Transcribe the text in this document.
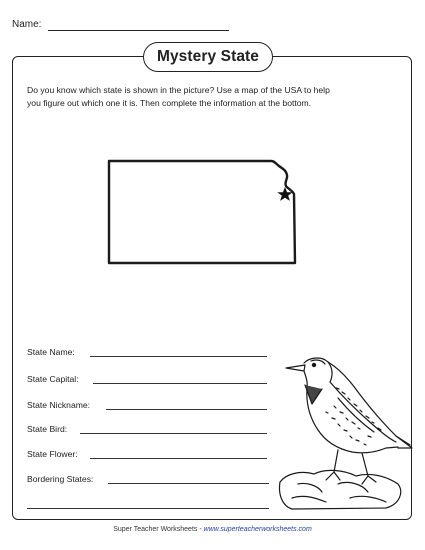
Name:
Mystery State
Do you know which state is shown in the picture? Use a map of the USA to help
you figure out which one it is. Then complete the information at the bottom.
State Name:
State Capital:
State Nickname:
State Bird:
State Flower:
Bordering States:
Super Teacher Worksheets - www.superteacherworksheets.com
